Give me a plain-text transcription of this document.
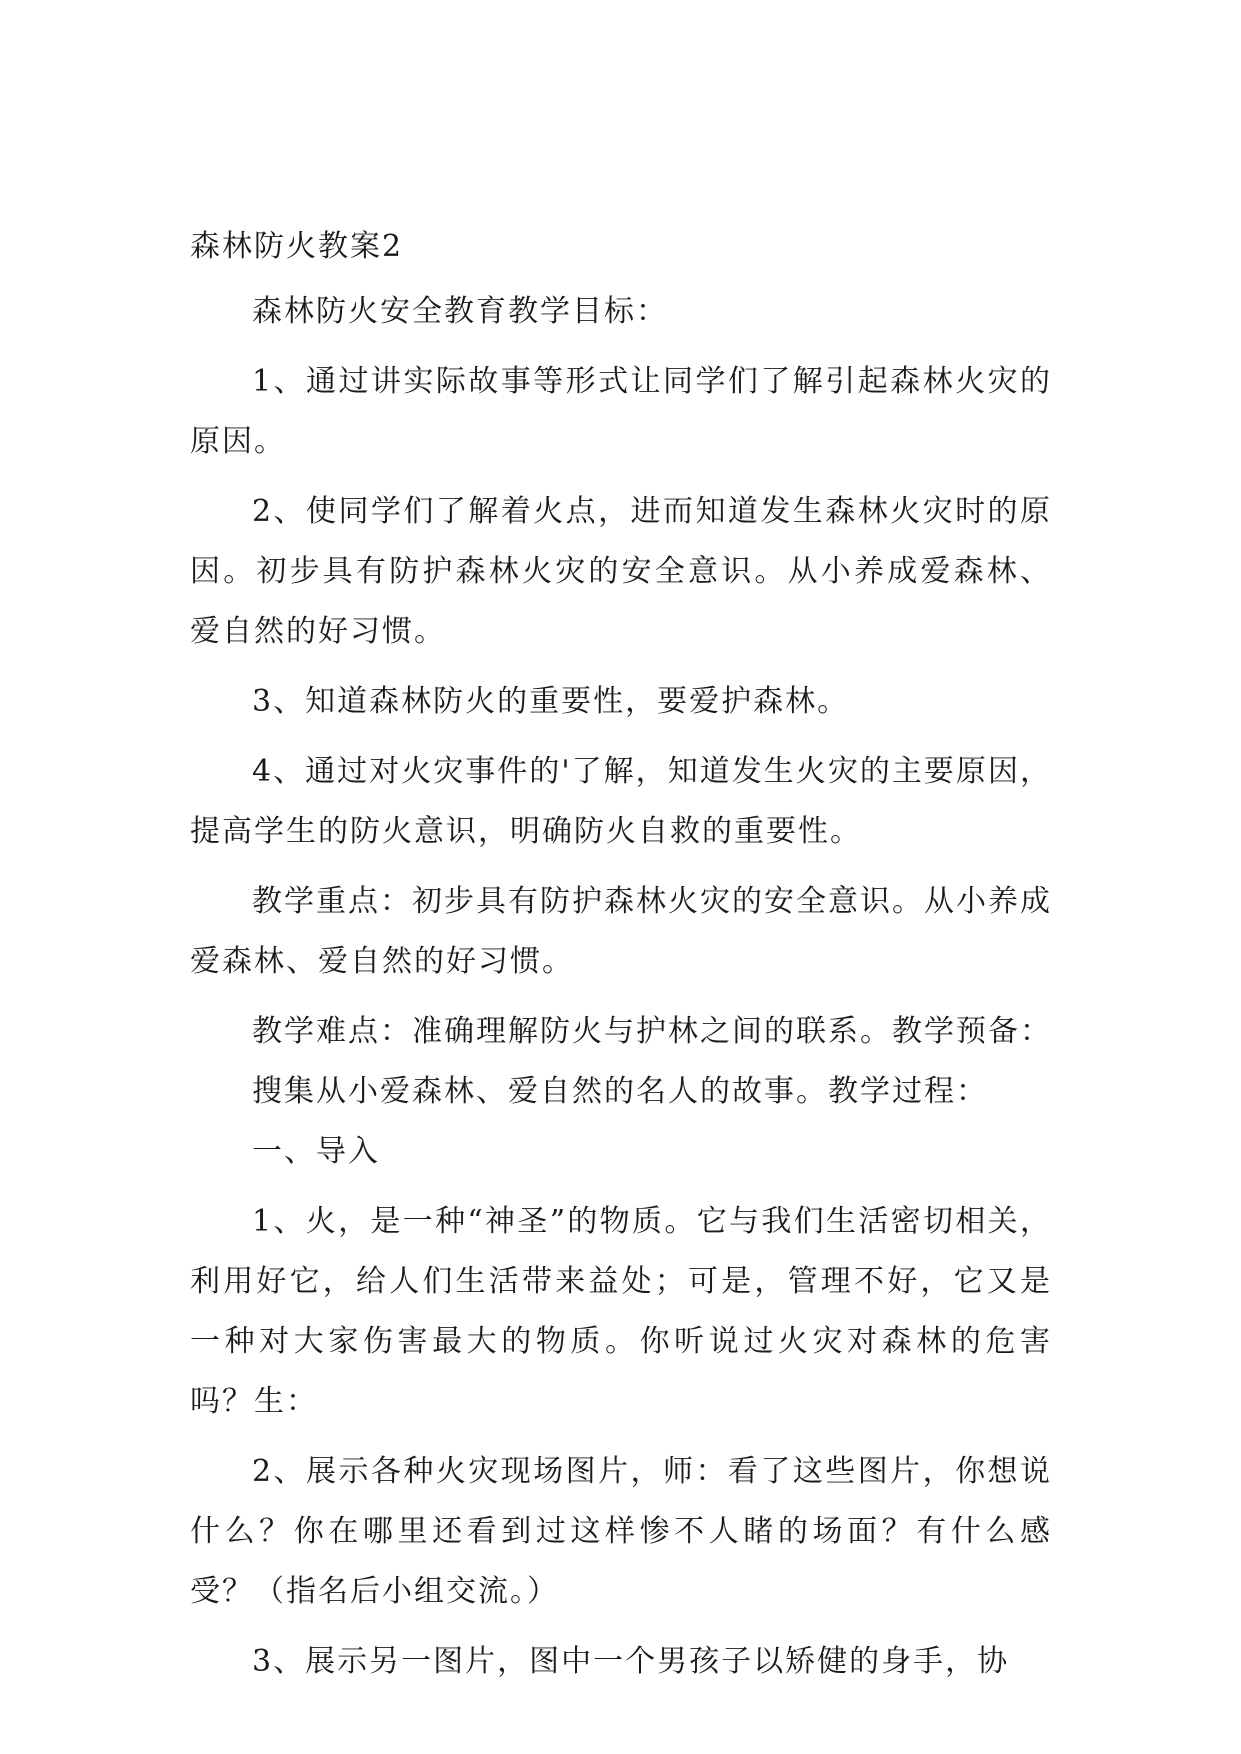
森林防火教案2

森林防火安全教育教学目标：

1、通过讲实际故事等形式让同学们了解引起森林火灾的原因。

2、使同学们了解着火点，进而知道发生森林火灾时的原因。初步具有防护森林火灾的安全意识。从小养成爱森林、爱自然的好习惯。

3、知道森林防火的重要性，要爱护森林。

4、通过对火灾事件的'了解，知道发生火灾的主要原因，提高学生的防火意识，明确防火自救的重要性。

教学重点：初步具有防护森林火灾的安全意识。从小养成爱森林、爱自然的好习惯。

教学难点：准确理解防火与护林之间的联系。教学预备：

搜集从小爱森林、爱自然的名人的故事。教学过程：

一、导入

1、火，是一种“神圣”的物质。它与我们生活密切相关，利用好它，给人们生活带来益处；可是，管理不好，它又是一种对大家伤害最大的物质。你听说过火灾对森林的危害吗？生：

2、展示各种火灾现场图片，师：看了这些图片，你想说什么？你在哪里还看到过这样惨不人睹的场面？有什么感受？（指名后小组交流。）

3、展示另一图片，图中一个男孩子以矫健的身手，协
